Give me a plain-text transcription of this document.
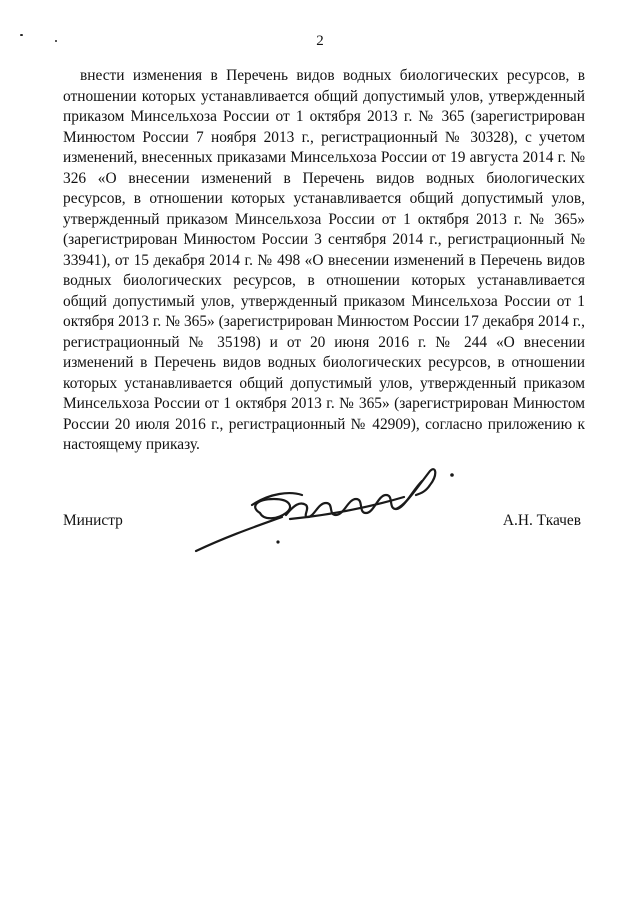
2

внести изменения в Перечень видов водных биологических ресурсов, в отношении которых устанавливается общий допустимый улов, утвержденный приказом Минсельхоза России от 1 октября 2013 г. № 365 (зарегистрирован Минюстом России 7 ноября 2013 г., регистрационный № 30328), с учетом изменений, внесенных приказами Минсельхоза России от 19 августа 2014 г. № 326 «О внесении изменений в Перечень видов водных биологических ресурсов, в отношении которых устанавливается общий допустимый улов, утвержденный приказом Минсельхоза России от 1 октября 2013 г. № 365» (зарегистрирован Минюстом России 3 сентября 2014 г., регистрационный № 33941), от 15 декабря 2014 г. № 498 «О внесении изменений в Перечень видов водных биологических ресурсов, в отношении которых устанавливается общий допустимый улов, утвержденный приказом Минсельхоза России от 1 октября 2013 г. № 365» (зарегистрирован Минюстом России 17 декабря 2014 г., регистрационный № 35198) и от 20 июня 2016 г. № 244 «О внесении изменений в Перечень видов водных биологических ресурсов, в отношении которых устанавливается общий допустимый улов, утвержденный приказом Минсельхоза России от 1 октября 2013 г. № 365» (зарегистрирован Минюстом России 20 июля 2016 г., регистрационный № 42909), согласно приложению к настоящему приказу.

Министр	А.Н. Ткачев
